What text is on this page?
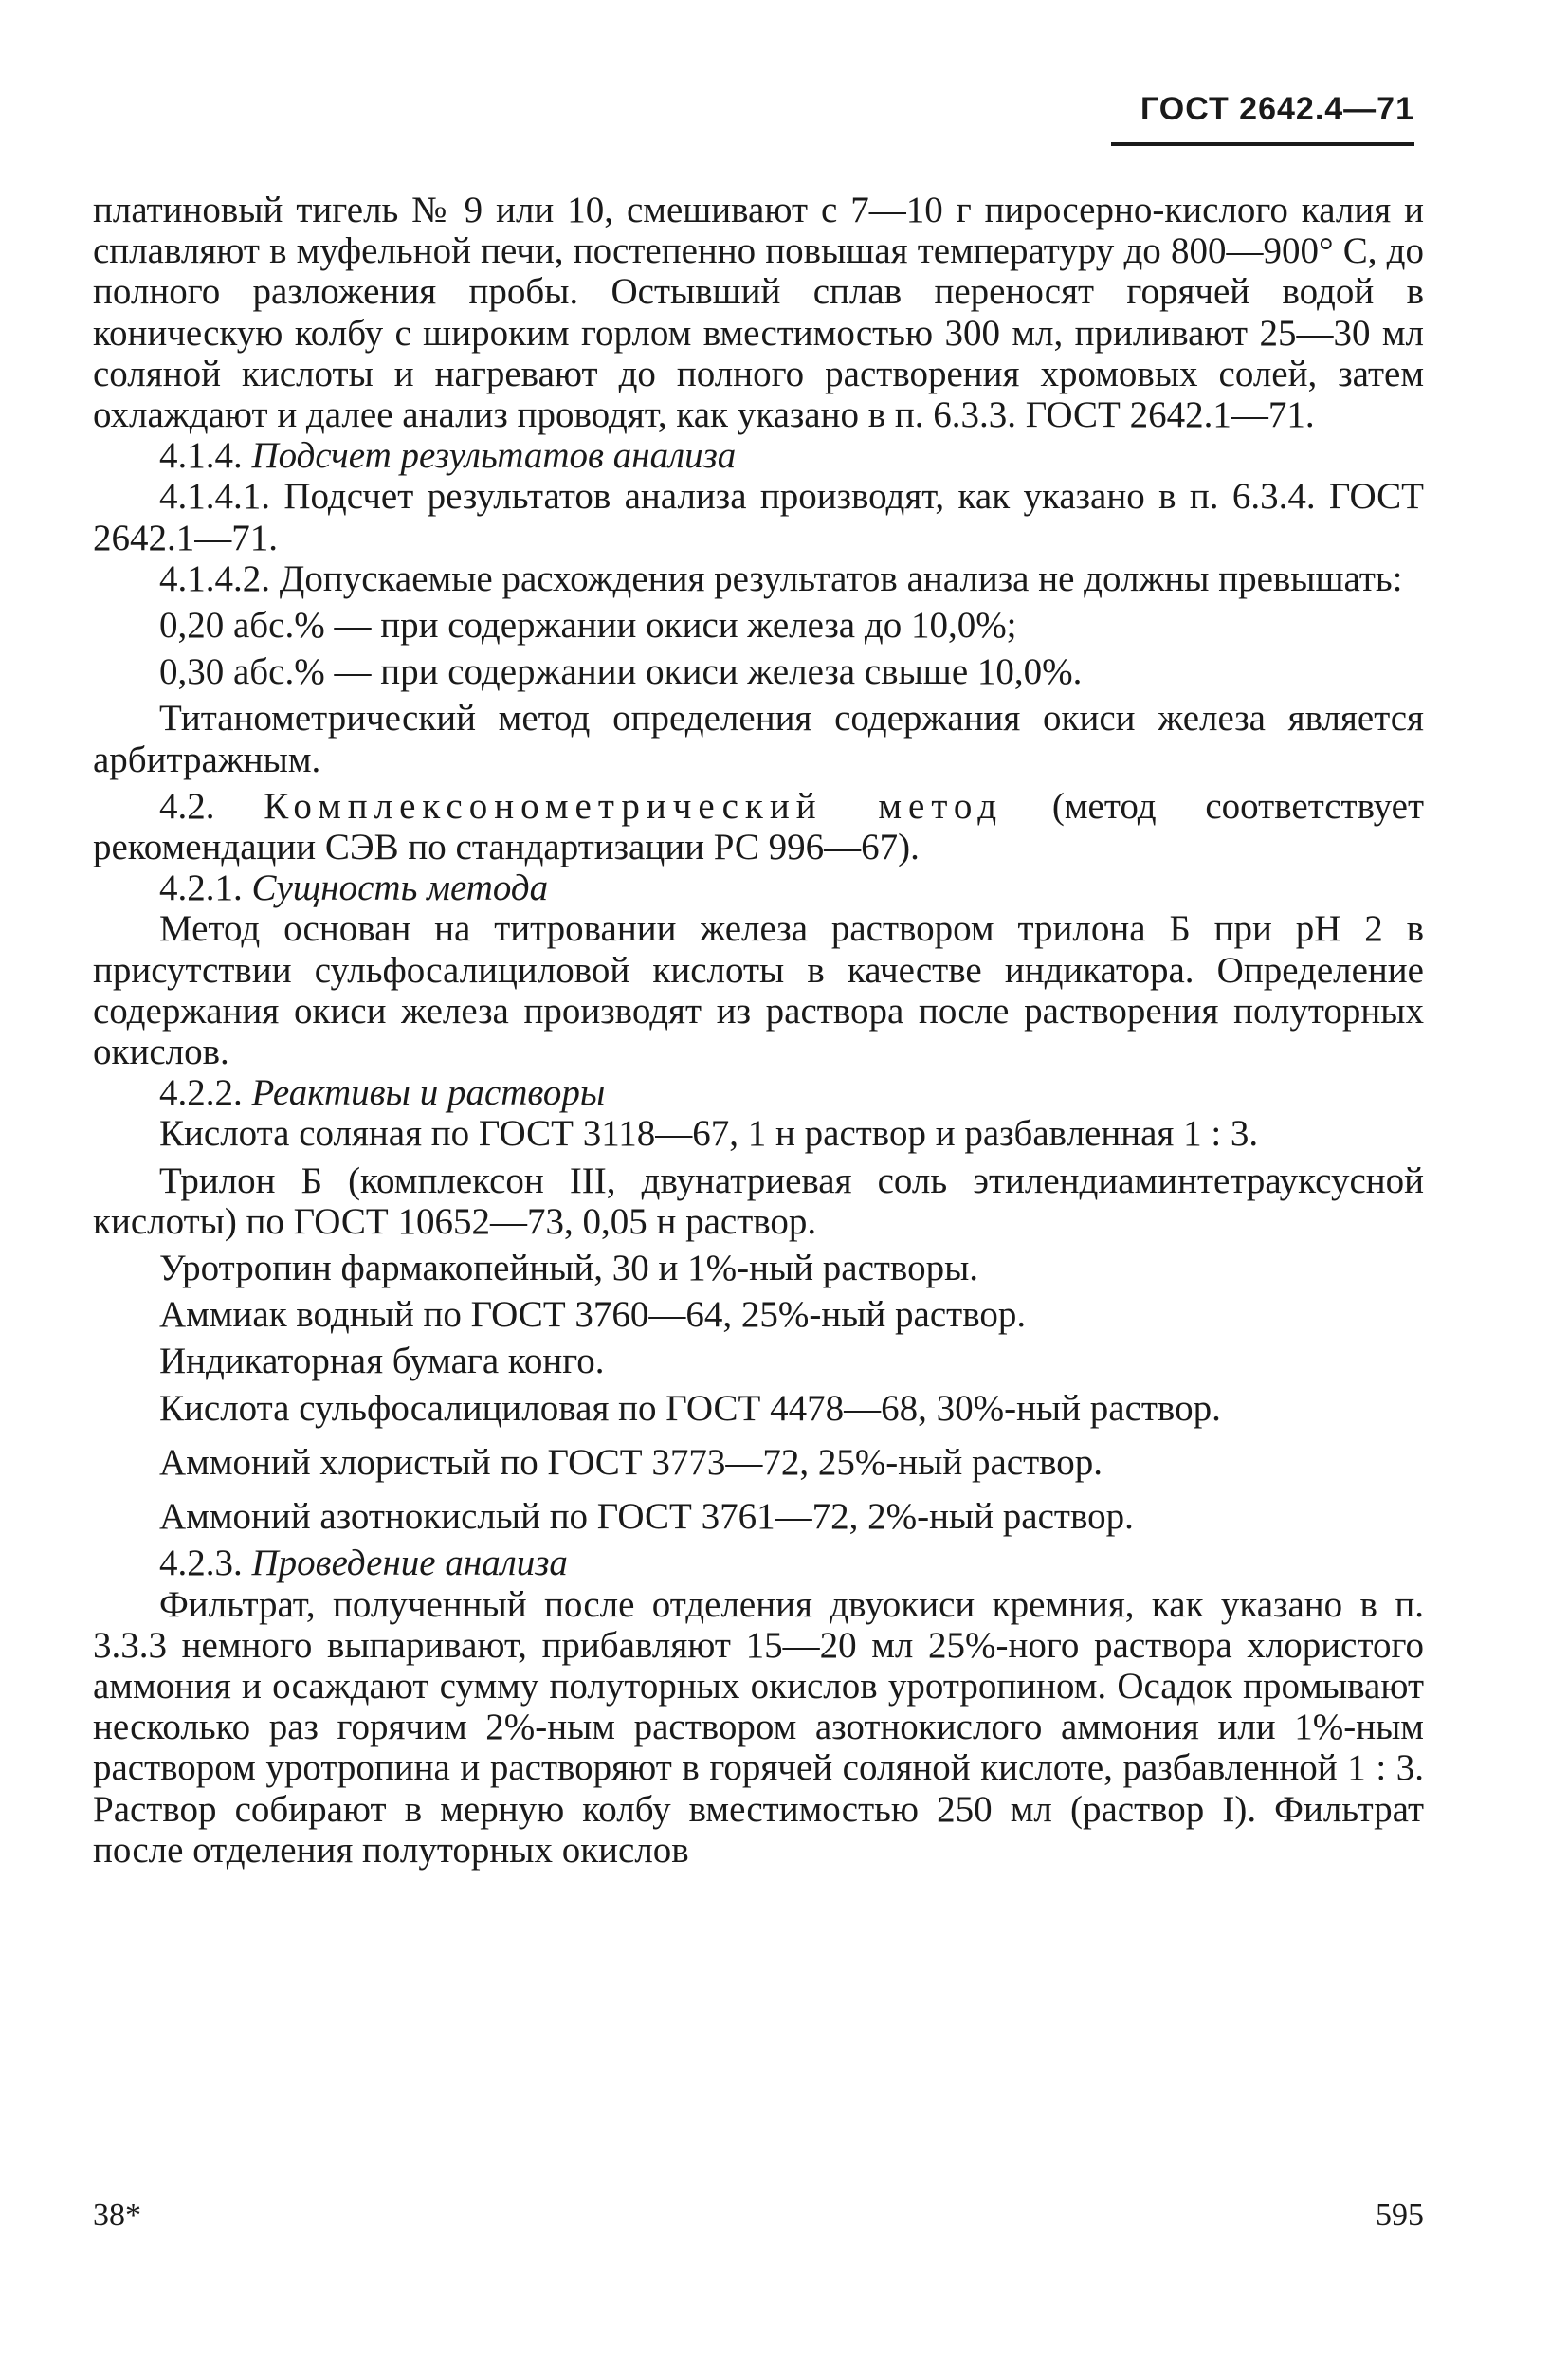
ГОСТ 2642.4—71

платиновый тигель № 9 или 10, смешивают с 7—10 г пиросерно-кислого калия и сплавляют в муфельной печи, постепенно повышая температуру до 800—900° С, до полного разложения пробы. Остывший сплав переносят горячей водой в коническую колбу с широким горлом вместимостью 300 мл, приливают 25—30 мл соляной кислоты и нагревают до полного растворения хромовых солей, затем охлаждают и далее анализ проводят, как указано в п. 6.3.3. ГОСТ 2642.1—71.

4.1.4. Подсчет результатов анализа

4.1.4.1. Подсчет результатов анализа производят, как указано в п. 6.3.4. ГОСТ 2642.1—71.

4.1.4.2. Допускаемые расхождения результатов анализа не должны превышать:

0,20 абс.% — при содержании окиси железа до 10,0%;

0,30 абс.% — при содержании окиси железа свыше 10,0%.

Титанометрический метод определения содержания окиси железа является арбитражным.

4.2. Комплексонометрический метод (метод соответствует рекомендации СЭВ по стандартизации РС 996—67).

4.2.1. Сущность метода

Метод основан на титровании железа раствором трилона Б при pH 2 в присутствии сульфосалициловой кислоты в качестве индикатора. Определение содержания окиси железа производят из раствора после растворения полуторных окислов.

4.2.2. Реактивы и растворы

Кислота соляная по ГОСТ 3118—67, 1 н раствор и разбавленная 1 : 3.

Трилон Б (комплексон III, двунатриевая соль этилендиаминтетрауксусной кислоты) по ГОСТ 10652—73, 0,05 н раствор.

Уротропин фармакопейный, 30 и 1%-ный растворы.

Аммиак водный по ГОСТ 3760—64, 25%-ный раствор.

Индикаторная бумага конго.

Кислота сульфосалициловая по ГОСТ 4478—68, 30%-ный раствор.

Аммоний хлористый по ГОСТ 3773—72, 25%-ный раствор.

Аммоний азотнокислый по ГОСТ 3761—72, 2%-ный раствор.

4.2.3. Проведение анализа

Фильтрат, полученный после отделения двуокиси кремния, как указано в п. 3.3.3 немного выпаривают, прибавляют 15—20 мл 25%-ного раствора хлористого аммония и осаждают сумму полуторных окислов уротропином. Осадок промывают несколько раз горячим 2%-ным раствором азотнокислого аммония или 1%-ным раствором уротропина и растворяют в горячей соляной кислоте, разбавленной 1 : 3. Раствор собирают в мерную колбу вместимостью 250 мл (раствор I). Фильтрат после отделения полуторных окислов

38*	595
